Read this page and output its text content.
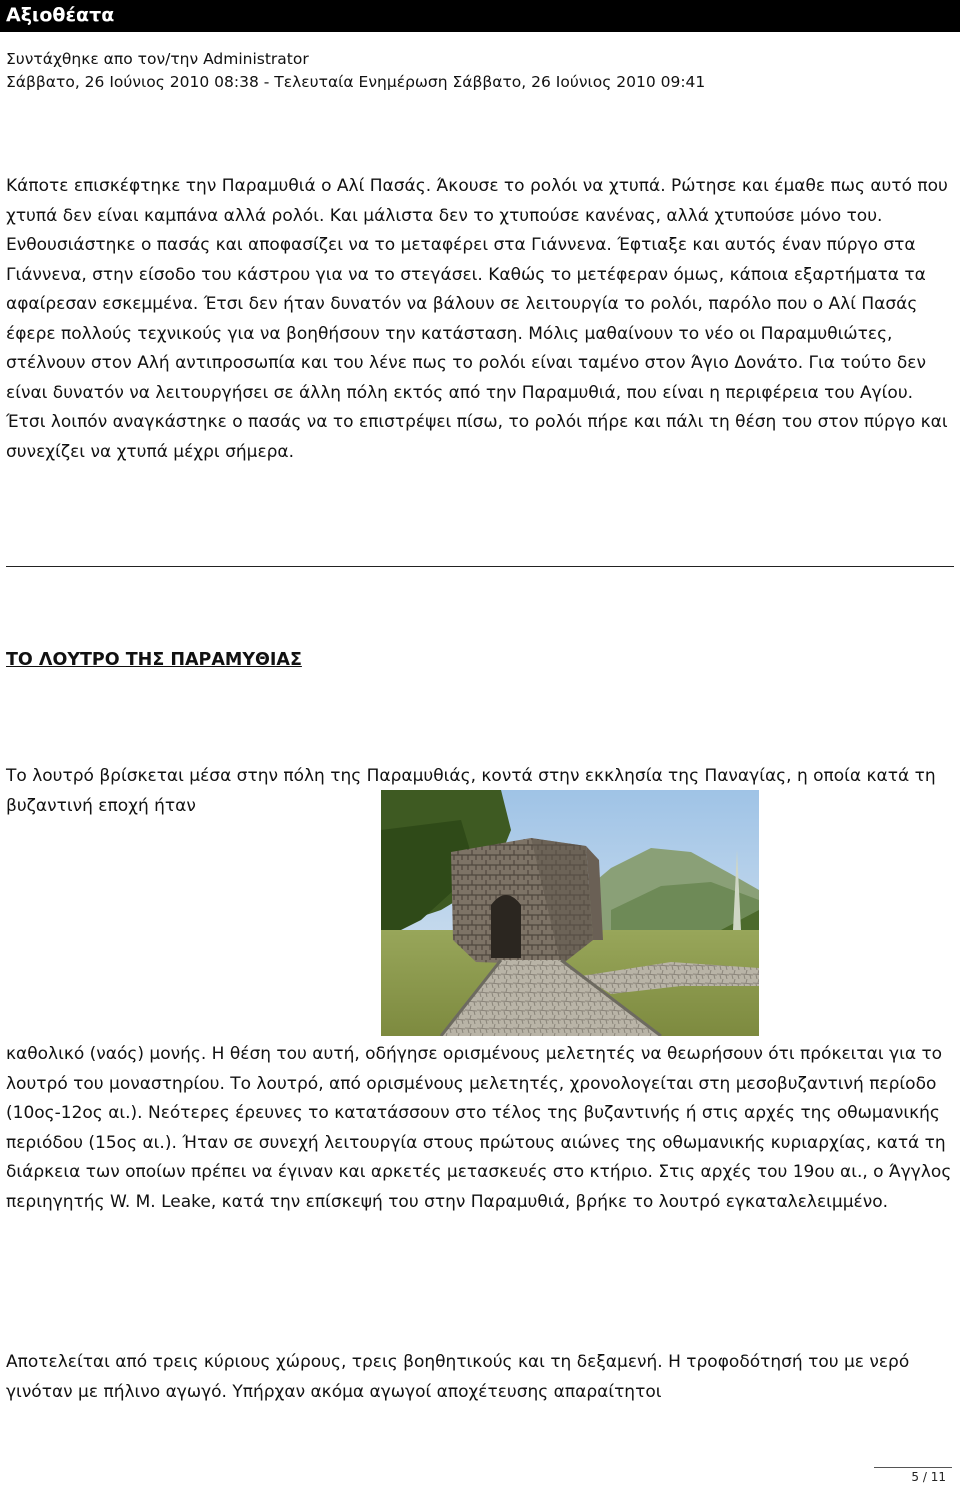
Αξιοθέατα
Συντάχθηκε απο τον/την Administrator
Σάββατο, 26 Ιούνιος 2010 08:38 - Τελευταία Ενημέρωση Σάββατο, 26 Ιούνιος 2010 09:41

Κάποτε επισκέφτηκε την Παραμυθιά ο Αλί Πασάς. Άκουσε το ρολόι να χτυπά. Ρώτησε και έμαθε πως αυτό που χτυπά δεν είναι καμπάνα αλλά ρολόι. Και μάλιστα δεν το χτυπούσε κανένας, αλλά χτυπούσε μόνο του. Ενθουσιάστηκε ο πασάς και αποφασίζει να το μεταφέρει στα Γιάννενα. Έφτιαξε και αυτός έναν πύργο στα Γιάννενα, στην είσοδο του κάστρου για να το στεγάσει. Καθώς το μετέφεραν όμως, κάποια εξαρτήματα τα αφαίρεσαν εσκεμμένα. Έτσι δεν ήταν δυνατόν να βάλουν σε λειτουργία το ρολόι, παρόλο που ο Αλί Πασάς έφερε πολλούς τεχνικούς για να βοηθήσουν την κατάσταση. Μόλις μαθαίνουν το νέο οι Παραμυθιώτες, στέλνουν στον Αλή αντιπροσωπία και του λένε πως το ρολόι είναι ταμένο στον Άγιο Δονάτο. Για τούτο δεν είναι δυνατόν να λειτουργήσει σε άλλη πόλη εκτός από την Παραμυθιά, που είναι η περιφέρεια του Αγίου. Έτσι λοιπόν αναγκάστηκε ο πασάς να το επιστρέψει πίσω, το ρολόι πήρε και πάλι τη θέση του στον πύργο και συνεχίζει να χτυπά μέχρι σήμερα.

ΤΟ ΛΟΥΤΡΟ ΤΗΣ ΠΑΡΑΜΥΘΙΑΣ

Το λουτρό βρίσκεται μέσα στην πόλη της Παραμυθιάς, κοντά στην εκκλησία της Παναγίας, η οποία κατά τη βυζαντινή εποχή ήταν

καθολικό (ναός) μονής. Η θέση του αυτή, οδήγησε ορισμένους μελετητές να θεωρήσουν ότι πρόκειται για το λουτρό του μοναστηρίου. Το λουτρό, από ορισμένους μελετητές, χρονολογείται στη μεσοβυζαντινή περίοδο (10ος-12ος αι.). Νεότερες έρευνες το κατατάσσουν στο τέλος της βυζαντινής ή στις αρχές της οθωμανικής περιόδου (15ος αι.). Ήταν σε συνεχή λειτουργία στους πρώτους αιώνες της οθωμανικής κυριαρχίας, κατά τη διάρκεια των οποίων πρέπει να έγιναν και αρκετές μετασκευές στο κτήριο. Στις αρχές του 19ου αι., ο Άγγλος περιηγητής W. M. Leake, κατά την επίσκεψή του στην Παραμυθιά, βρήκε το λουτρό εγκαταλελειμμένο.

Αποτελείται από τρεις κύριους χώρους, τρεις βοηθητικούς και τη δεξαμενή. Η τροφοδότησή του με νερό γινόταν με πήλινο αγωγό. Υπήρχαν ακόμα αγωγοί αποχέτευσης απαραίτητοι

5 / 11
